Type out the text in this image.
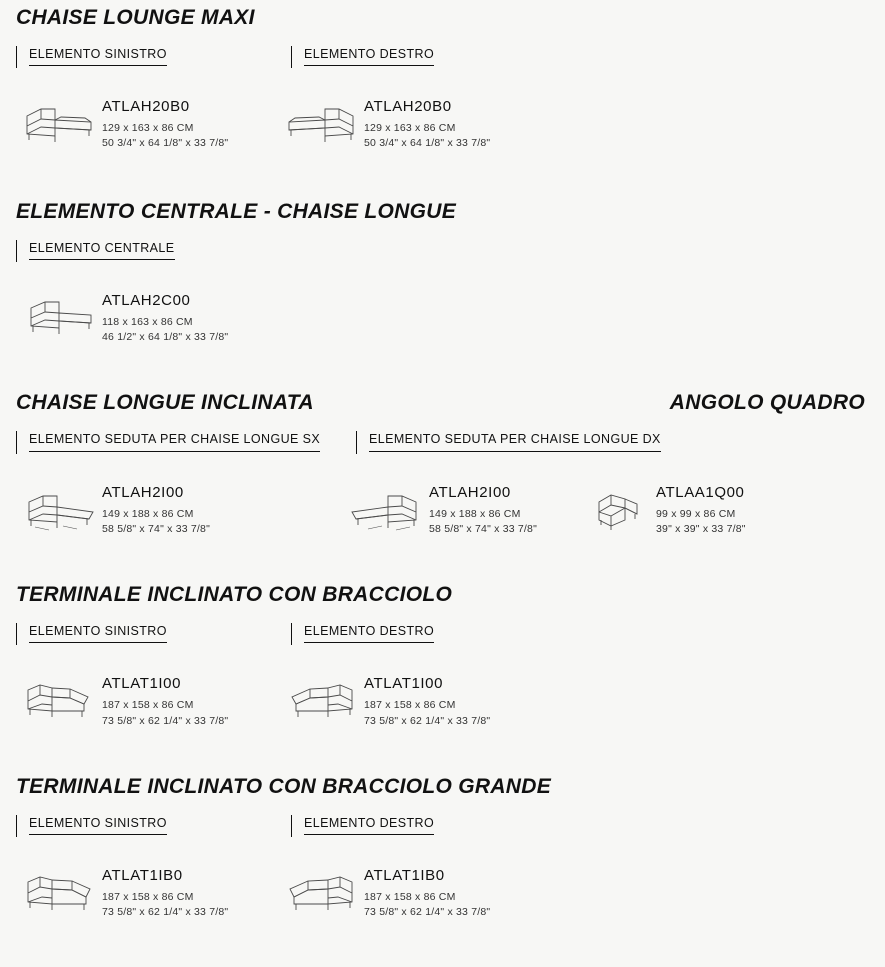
CHAISE LOUNGE MAXI
ELEMENTO SINISTRO	ELEMENTO DESTRO
ATLAH20B0
129 x 163 x 86 CM
50 3/4" x 64 1/8" x 33 7/8"
ATLAH20B0
129 x 163 x 86 CM
50 3/4" x 64 1/8" x 33 7/8"
ELEMENTO CENTRALE - CHAISE LONGUE
ELEMENTO CENTRALE
ATLAH2C00
118 x 163 x 86 CM
46 1/2" x 64 1/8" x 33 7/8"
CHAISE LONGUE INCLINATA	ANGOLO QUADRO
ELEMENTO SEDUTA PER CHAISE LONGUE SX	ELEMENTO SEDUTA PER CHAISE LONGUE DX
ATLAH2I00
149 x 188 x 86 CM
58 5/8" x 74" x 33 7/8"
ATLAH2I00
149 x 188 x 86 CM
58 5/8" x 74" x 33 7/8"
ATLAA1Q00
99 x 99 x 86 CM
39" x 39" x 33 7/8"
TERMINALE INCLINATO CON BRACCIOLO
ELEMENTO SINISTRO	ELEMENTO DESTRO
ATLAT1I00
187 x 158 x 86 CM
73 5/8" x 62 1/4" x 33 7/8"
ATLAT1I00
187 x 158 x 86 CM
73 5/8" x 62 1/4" x 33 7/8"
TERMINALE INCLINATO CON BRACCIOLO GRANDE
ELEMENTO SINISTRO	ELEMENTO DESTRO
ATLAT1IB0
187 x 158 x 86 CM
73 5/8" x 62 1/4" x 33 7/8"
ATLAT1IB0
187 x 158 x 86 CM
73 5/8" x 62 1/4" x 33 7/8"
